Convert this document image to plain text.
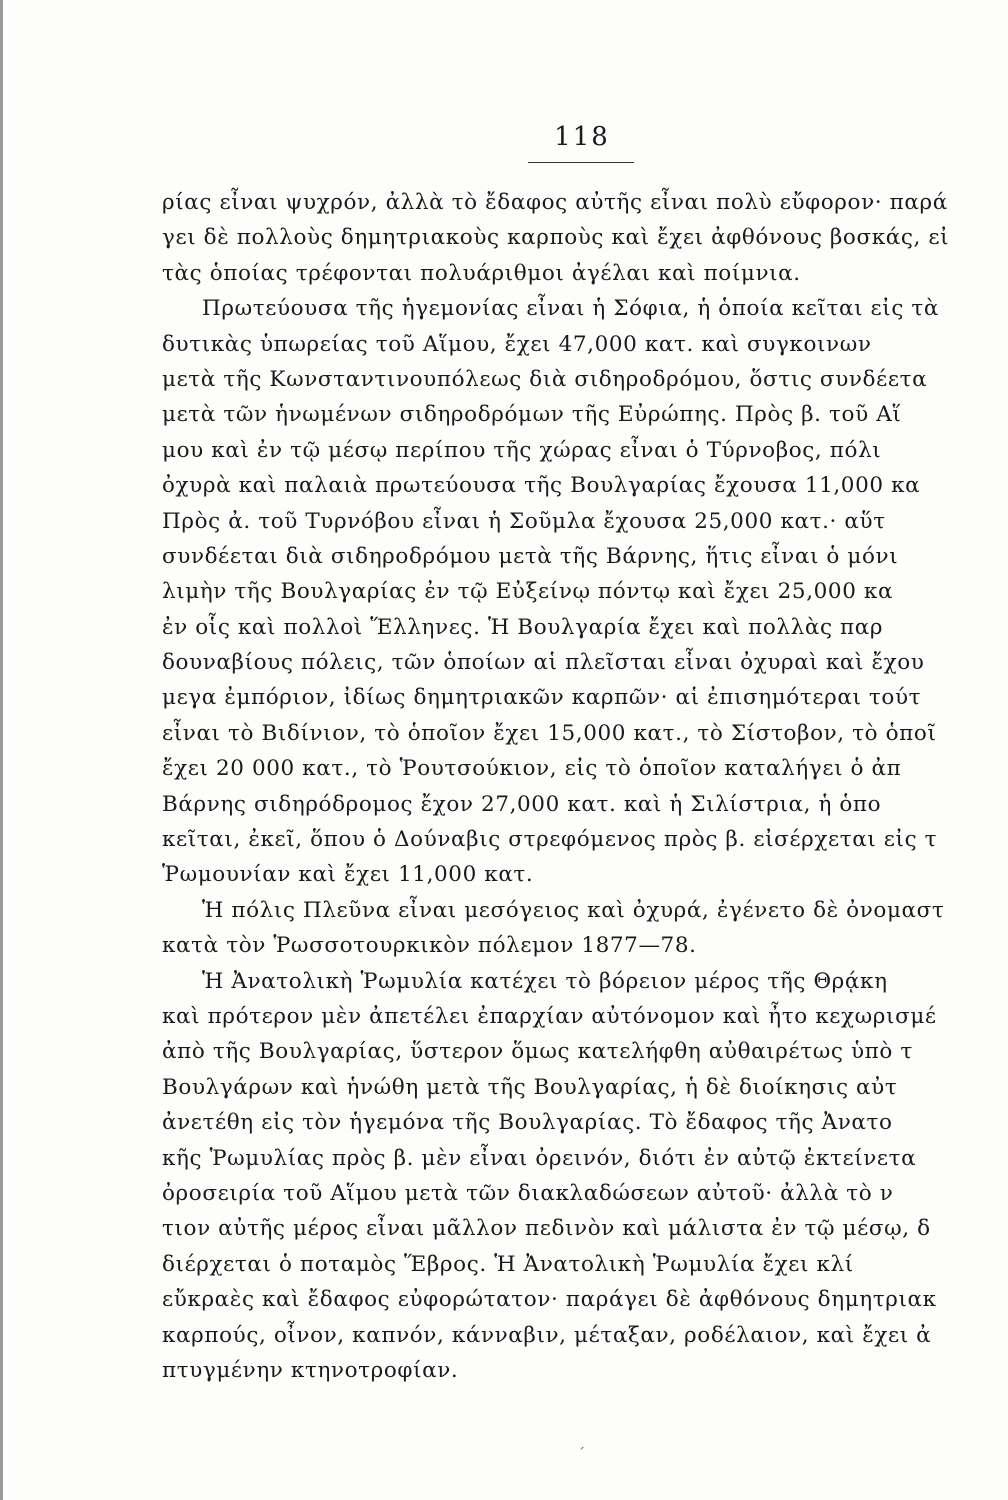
118
ρίας εἶναι ψυχρόν, ἀλλὰ τὸ ἔδαφος αὐτῆς εἶναι πολὺ εὔφορον· παρά
γει δὲ πολλοὺς δημητριακοὺς καρποὺς καὶ ἔχει ἀφθόνους βοσκάς, εἰ
τὰς ὁποίας τρέφονται πολυάριθμοι ἀγέλαι καὶ ποίμνια.
Πρωτεύουσα τῆς ἡγεμονίας εἶναι ἡ Σόφια, ἡ ὁποία κεῖται εἰς τὰ
δυτικὰς ὑπωρείας τοῦ Αἵμου, ἔχει 47,000 κατ. καὶ συγκοινων
μετὰ τῆς Κωνσταντινουπόλεως διὰ σιδηροδρόμου, ὅστις συνδέετα
μετὰ τῶν ἡνωμένων σιδηροδρόμων τῆς Εὐρώπης. Πρὸς β. τοῦ Αἵ
μου καὶ ἐν τῷ μέσῳ περίπου τῆς χώρας εἶναι ὁ Τύρνοβος, πόλι
ὀχυρὰ καὶ παλαιὰ πρωτεύουσα τῆς Βουλγαρίας ἔχουσα 11,000 κα
Πρὸς ἀ. τοῦ Τυρνόβου εἶναι ἡ Σοῦμλα ἔχουσα 25,000 κατ.· αὕτ
συνδέεται διὰ σιδηροδρόμου μετὰ τῆς Βάρνης, ἥτις εἶναι ὁ μόνι
λιμὴν τῆς Βουλγαρίας ἐν τῷ Εὐξείνῳ πόντῳ καὶ ἔχει 25,000 κα
ἐν οἷς καὶ πολλοὶ Ἕλληνες. Ἡ Βουλγαρία ἔχει καὶ πολλὰς παρ
δουναβίους πόλεις, τῶν ὁποίων αἱ πλεῖσται εἶναι ὀχυραὶ καὶ ἔχου
μεγα ἐμπόριον, ἰδίως δημητριακῶν καρπῶν· αἱ ἐπισημότεραι τούτ
εἶναι τὸ Βιδίνιον, τὸ ὁποῖον ἔχει 15,000 κατ., τὸ Σίστοβον, τὸ ὁποῖ
ἔχει 20 000 κατ., τὸ Ῥουτσούκιον, εἰς τὸ ὁποῖον καταλήγει ὁ ἀπ
Βάρνης σιδηρόδρομος ἔχον 27,000 κατ. καὶ ἡ Σιλίστρια, ἡ ὁπο
κεῖται, ἐκεῖ, ὅπου ὁ Δούναβις στρεφόμενος πρὸς β. εἰσέρχεται εἰς τ
Ῥωμουνίαν καὶ ἔχει 11,000 κατ.
Ἡ πόλις Πλεῦνα εἶναι μεσόγειος καὶ ὀχυρά, ἐγένετο δὲ ὀνομαστ
κατὰ τὸν Ῥωσσοτουρκικὸν πόλεμον 1877—78.
Ἡ Ἀνατολικὴ Ῥωμυλία κατέχει τὸ βόρειον μέρος τῆς Θρᾴκη
καὶ πρότερον μὲν ἀπετέλει ἐπαρχίαν αὐτόνομον καὶ ἦτο κεχωρισμέ
ἀπὸ τῆς Βουλγαρίας, ὕστερον ὅμως κατελήφθη αὐθαιρέτως ὑπὸ τ
Βουλγάρων καὶ ἡνώθη μετὰ τῆς Βουλγαρίας, ἡ δὲ διοίκησις αὐτ
ἀνετέθη εἰς τὸν ἡγεμόνα τῆς Βουλγαρίας. Τὸ ἔδαφος τῆς Ἀνατο
κῆς Ῥωμυλίας πρὸς β. μὲν εἶναι ὀρεινόν, διότι ἐν αὐτῷ ἐκτείνετα
ὀροσειρία τοῦ Αἵμου μετὰ τῶν διακλαδώσεων αὐτοῦ· ἀλλὰ τὸ ν
τιον αὐτῆς μέρος εἶναι μᾶλλον πεδινὸν καὶ μάλιστα ἐν τῷ μέσῳ, δ
διέρχεται ὁ ποταμὸς Ἕβρος. Ἡ Ἀνατολικὴ Ῥωμυλία ἔχει κλί
εὔκραὲς καὶ ἔδαφος εὐφορώτατον· παράγει δὲ ἀφθόνους δημητριακ
καρπούς, οἶνον, καπνόν, κάνναβιν, μέταξαν, ροδέλαιον, καὶ ἔχει ἀ
πτυγμένην κτηνοτροφίαν.
ˊ
